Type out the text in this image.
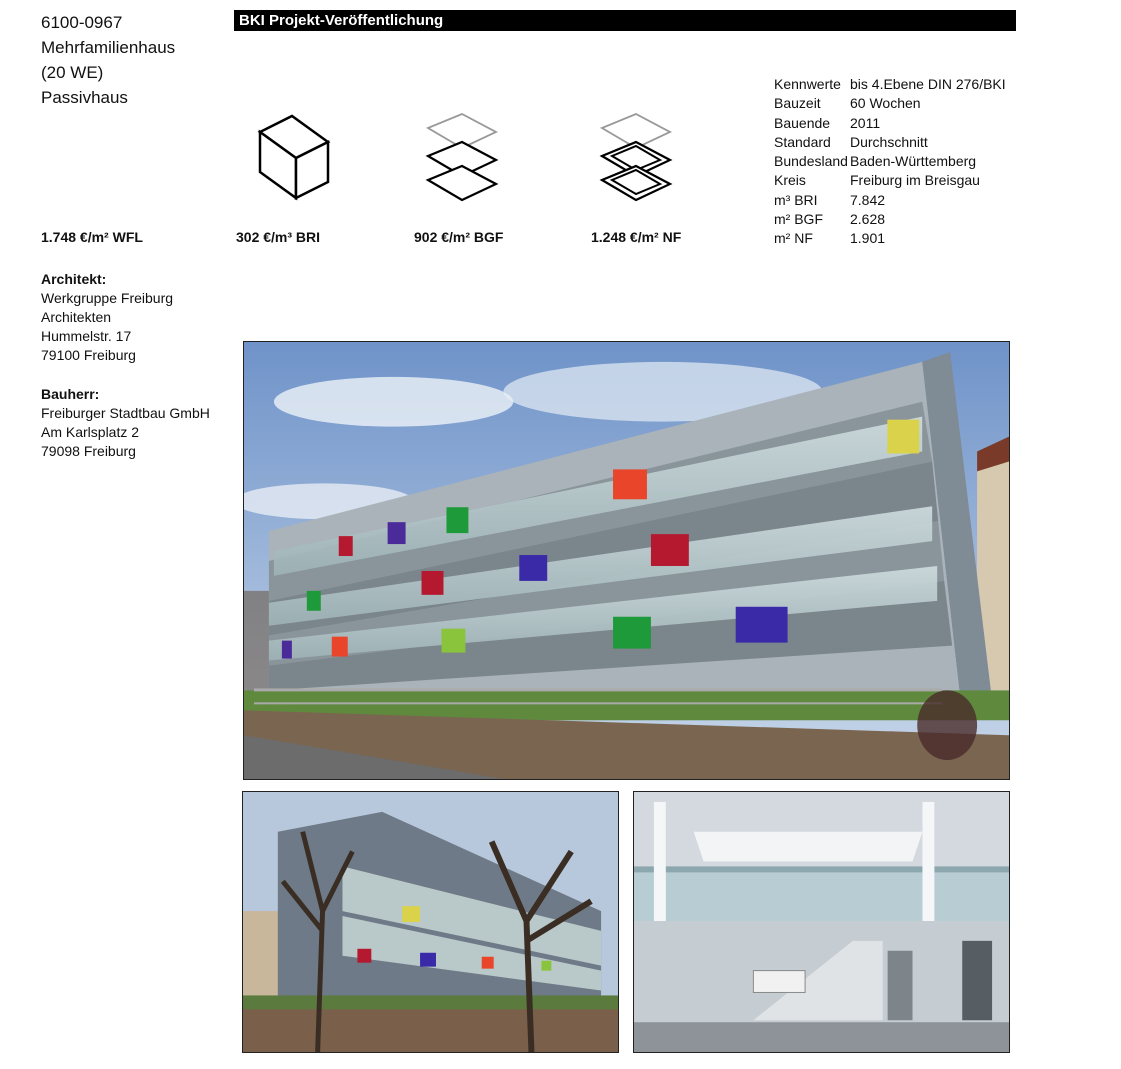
BKI Projekt-Veröffentlichung
6100-0967
Mehrfamilienhaus
(20 WE)
Passivhaus
1.748 €/m² WFL	302 €/m³ BRI	902 €/m² BGF	1.248 €/m² NF
Kennwerte bis 4.Ebene DIN 276/BKI
Bauzeit	60 Wochen
Bauende	2011
Standard	Durchschnitt
Bundesland Baden-Württemberg
Kreis	Freiburg im Breisgau
m³ BRI	7.842
m² BGF	2.628
m² NF	1.901
Architekt:
Werkgruppe Freiburg
Architekten
Hummelstr. 17
79100 Freiburg
Bauherr:
Freiburger Stadtbau GmbH
Am Karlsplatz 2
79098 Freiburg
